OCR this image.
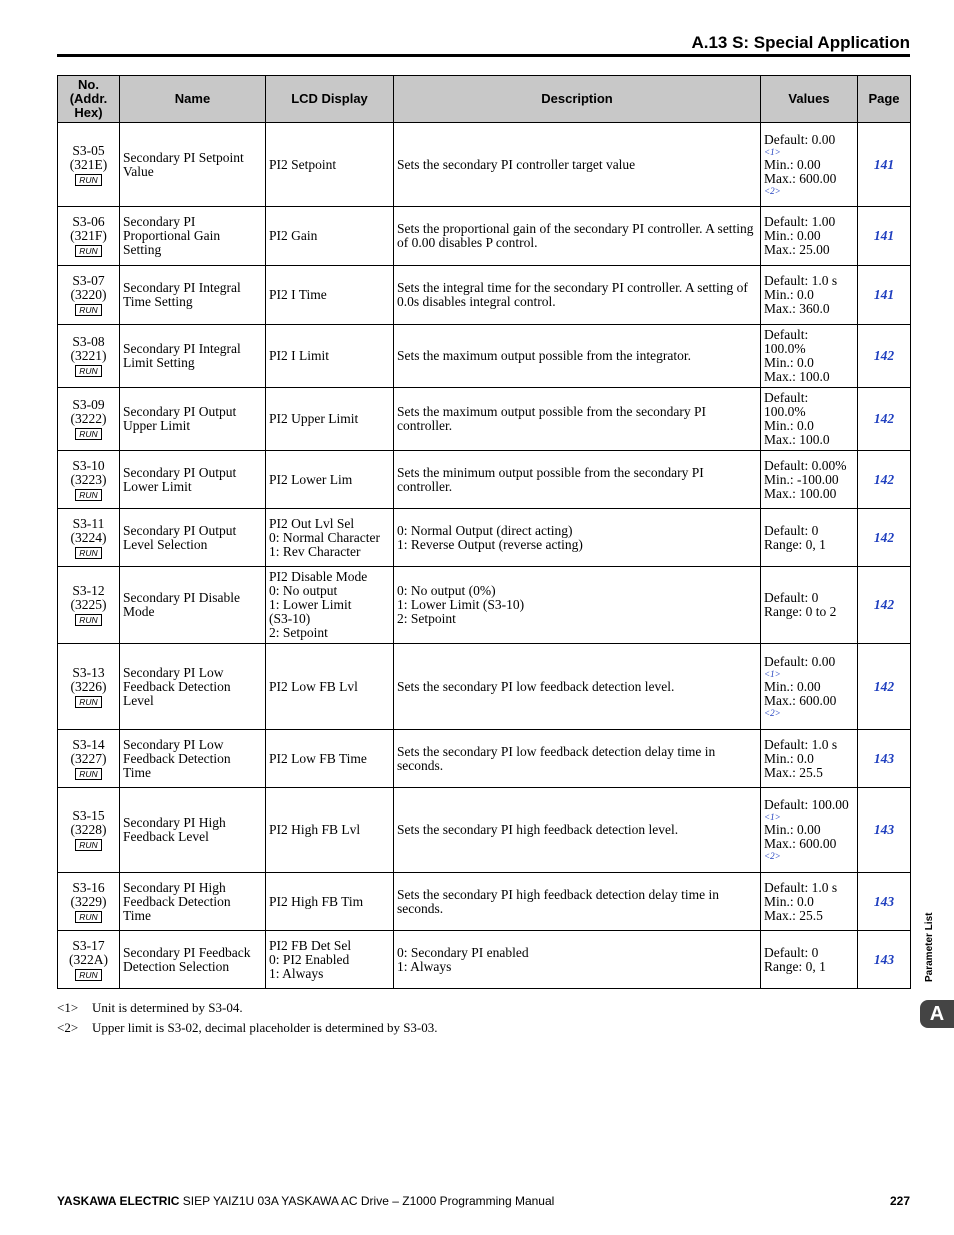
A.13 S: Special Application
No.
(Addr.
Hex)	Name	LCD Display	Description	Values	Page

S3-05
(321E)
RUN	Secondary PI Setpoint
Value	PI2 Setpoint	Sets the secondary PI controller target value	Default: 0.00
<1>
Min.: 0.00
Max.: 600.00
<2>	141

S3-06
(321F)
RUN	Secondary PI
Proportional Gain
Setting	PI2 Gain	Sets the proportional gain of the secondary PI controller. A setting
of 0.00 disables P control.	Default: 1.00
Min.: 0.00
Max.: 25.00	141

S3-07
(3220)
RUN	Secondary PI Integral
Time Setting	PI2 I Time	Sets the integral time for the secondary PI controller. A setting of
0.0s disables integral control.	Default: 1.0 s
Min.: 0.0
Max.: 360.0	141

S3-08
(3221)
RUN	Secondary PI Integral
Limit Setting	PI2 I Limit	Sets the maximum output possible from the integrator.	Default:
100.0%
Min.: 0.0
Max.: 100.0	142

S3-09
(3222)
RUN	Secondary PI Output
Upper Limit	PI2 Upper Limit	Sets the maximum output possible from the secondary PI
controller.	Default:
100.0%
Min.: 0.0
Max.: 100.0	142

S3-10
(3223)
RUN	Secondary PI Output
Lower Limit	PI2 Lower Lim	Sets the minimum output possible from the secondary PI
controller.	Default: 0.00%
Min.: -100.00
Max.: 100.00	142

S3-11
(3224)
RUN	Secondary PI Output
Level Selection	PI2 Out Lvl Sel
0: Normal Character
1: Rev Character	0: Normal Output (direct acting)
1: Reverse Output (reverse acting)	Default: 0
Range: 0, 1	142

S3-12
(3225)
RUN	Secondary PI Disable
Mode	PI2 Disable Mode
0: No output
1: Lower Limit
(S3-10)
2: Setpoint	0: No output (0%)
1: Lower Limit (S3-10)
2: Setpoint	Default: 0
Range: 0 to 2	142

S3-13
(3226)
RUN	Secondary PI Low
Feedback Detection
Level	PI2 Low FB Lvl	Sets the secondary PI low feedback detection level.	Default: 0.00
<1>
Min.: 0.00
Max.: 600.00
<2>	142

S3-14
(3227)
RUN	Secondary PI Low
Feedback Detection
Time	PI2 Low FB Time	Sets the secondary PI low feedback detection delay time in
seconds.	Default: 1.0 s
Min.: 0.0
Max.: 25.5	143

S3-15
(3228)
RUN	Secondary PI High
Feedback Level	PI2 High FB Lvl	Sets the secondary PI high feedback detection level.	Default: 100.00
<1>
Min.: 0.00
Max.: 600.00
<2>	143

S3-16
(3229)
RUN	Secondary PI High
Feedback Detection
Time	PI2 High FB Tim	Sets the secondary PI high feedback detection delay time in
seconds.	Default: 1.0 s
Min.: 0.0
Max.: 25.5	143

S3-17
(322A)
RUN	Secondary PI Feedback
Detection Selection	PI2 FB Det Sel
0: PI2 Enabled
1: Always	0: Secondary PI enabled
1: Always	Default: 0
Range: 0, 1	143
<1> Unit is determined by S3-04.
<2> Upper limit is S3-02, decimal placeholder is determined by S3-03.
Parameter List
A
YASKAWA ELECTRIC SIEP YAIZ1U 03A YASKAWA AC Drive – Z1000 Programming Manual	227
